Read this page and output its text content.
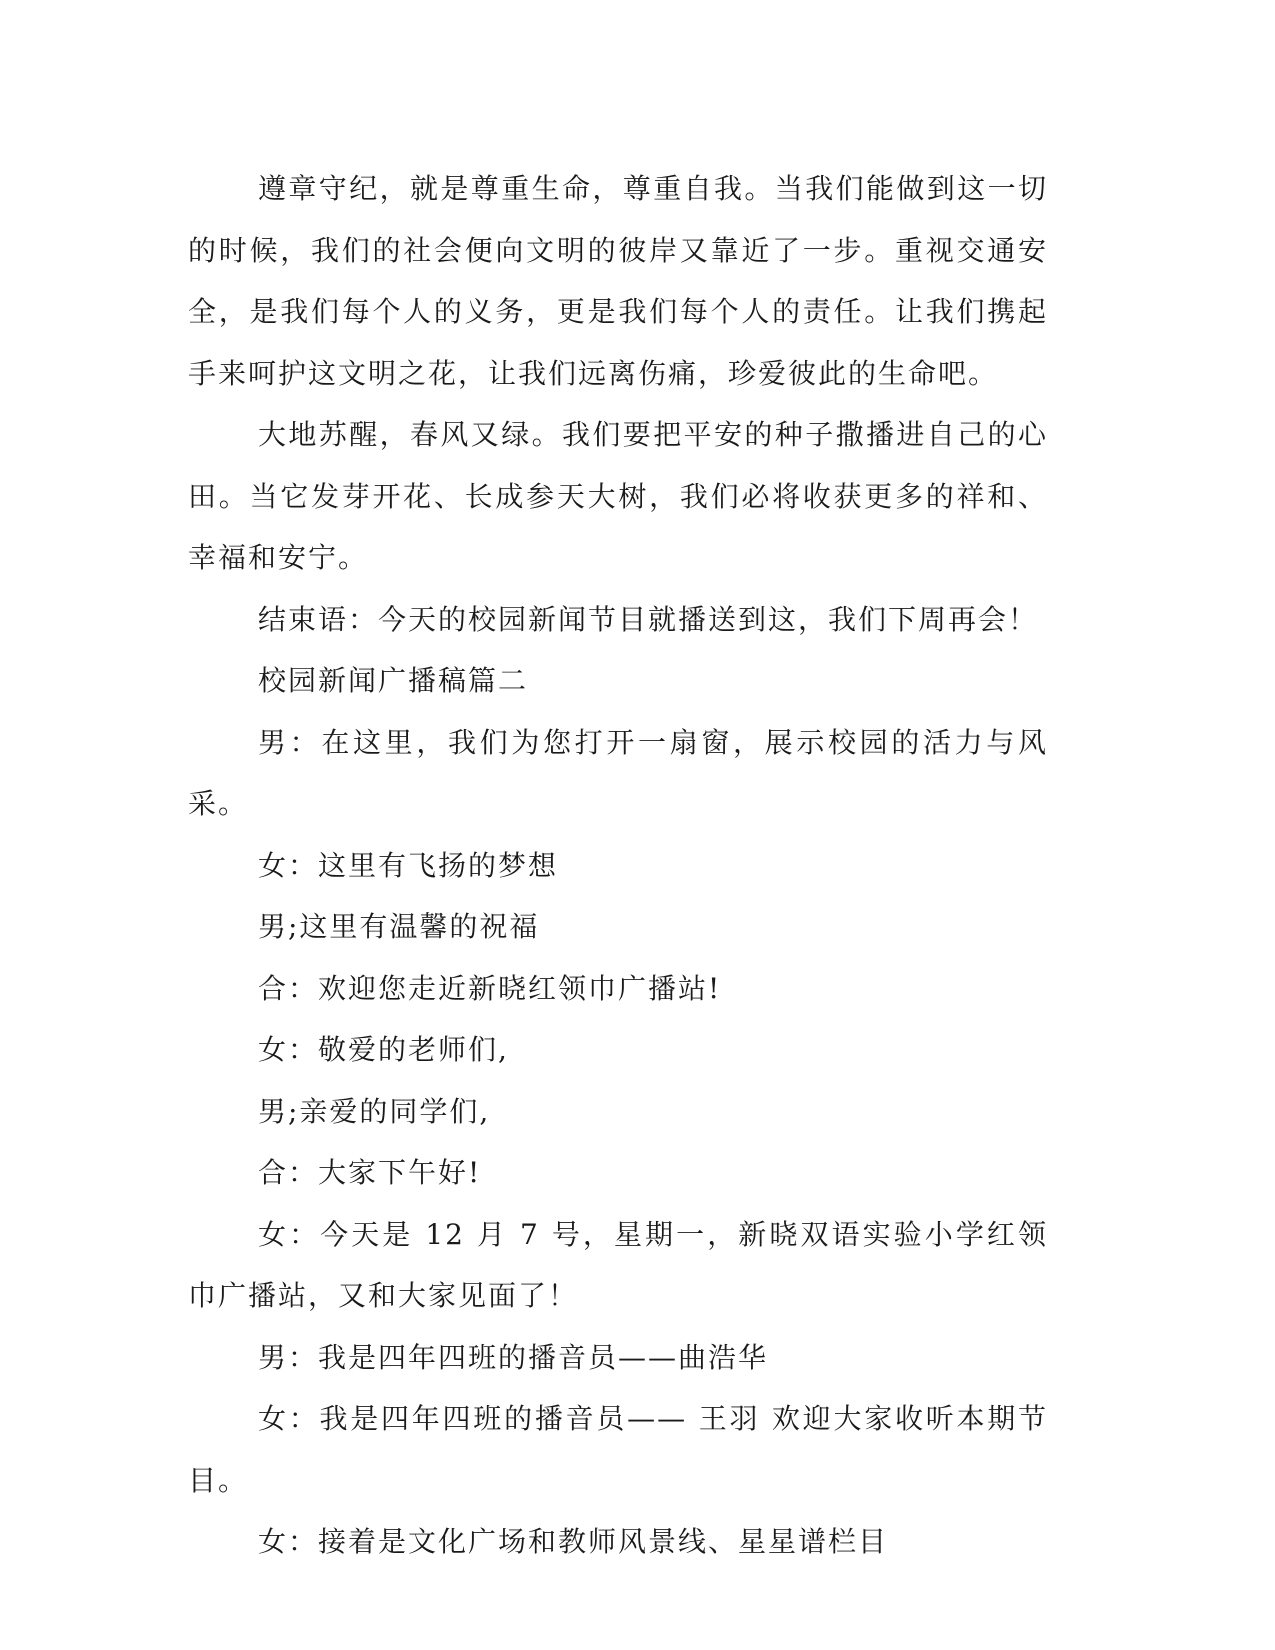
遵章守纪，就是尊重生命，尊重自我。当我们能做到这一切的时候，我们的社会便向文明的彼岸又靠近了一步。重视交通安全，是我们每个人的义务，更是我们每个人的责任。让我们携起手来呵护这文明之花，让我们远离伤痛，珍爱彼此的生命吧。

大地苏醒，春风又绿。我们要把平安的种子撒播进自己的心田。当它发芽开花、长成参天大树，我们必将收获更多的祥和、幸福和安宁。

结束语：今天的校园新闻节目就播送到这，我们下周再会！

校园新闻广播稿篇二

男：在这里，我们为您打开一扇窗，展示校园的活力与风采。

女：这里有飞扬的梦想

男;这里有温馨的祝福

合：欢迎您走近新晓红领巾广播站!

女：敬爱的老师们,

男;亲爱的同学们,

合：大家下午好!

女：今天是 12 月 7 号，星期一，新晓双语实验小学红领巾广播站，又和大家见面了！

男：我是四年四班的播音员——曲浩华

女：我是四年四班的播音员—— 王羽 欢迎大家收听本期节目。

女：接着是文化广场和教师风景线、星星谱栏目
